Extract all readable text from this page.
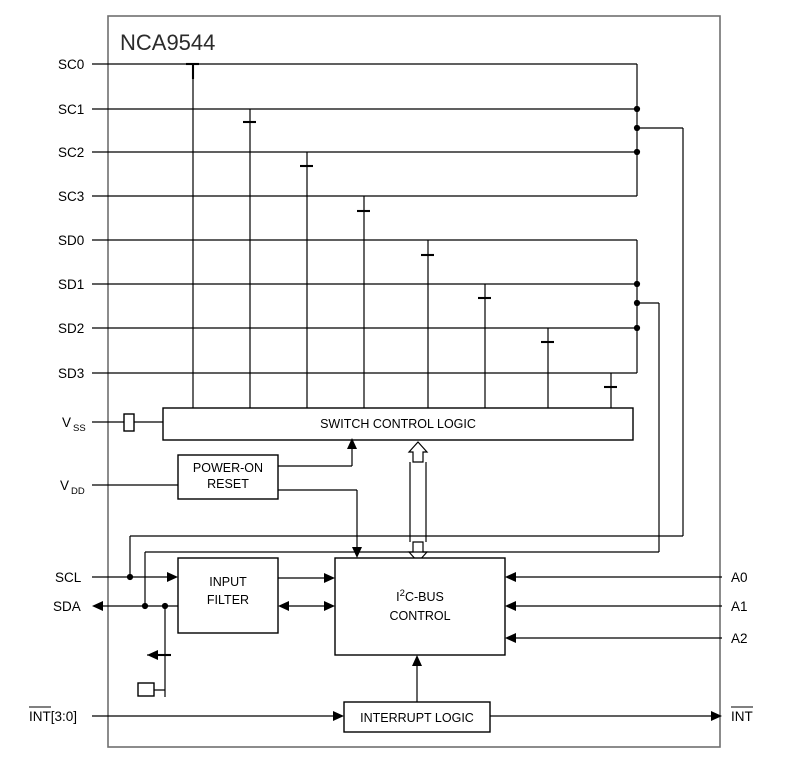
NCA9544
SC0
SC1
SC2
SC3
SD0
SD1
SD2
SD3
V SS
V DD
SCL
SDA
INT[3:0]
A0
A1
A2
INT
SWITCH CONTROL LOGIC
POWER-ON
RESET
INPUT
FILTER	$I^2C$-BUS
CONTROL
INTERRUPT LOGIC
